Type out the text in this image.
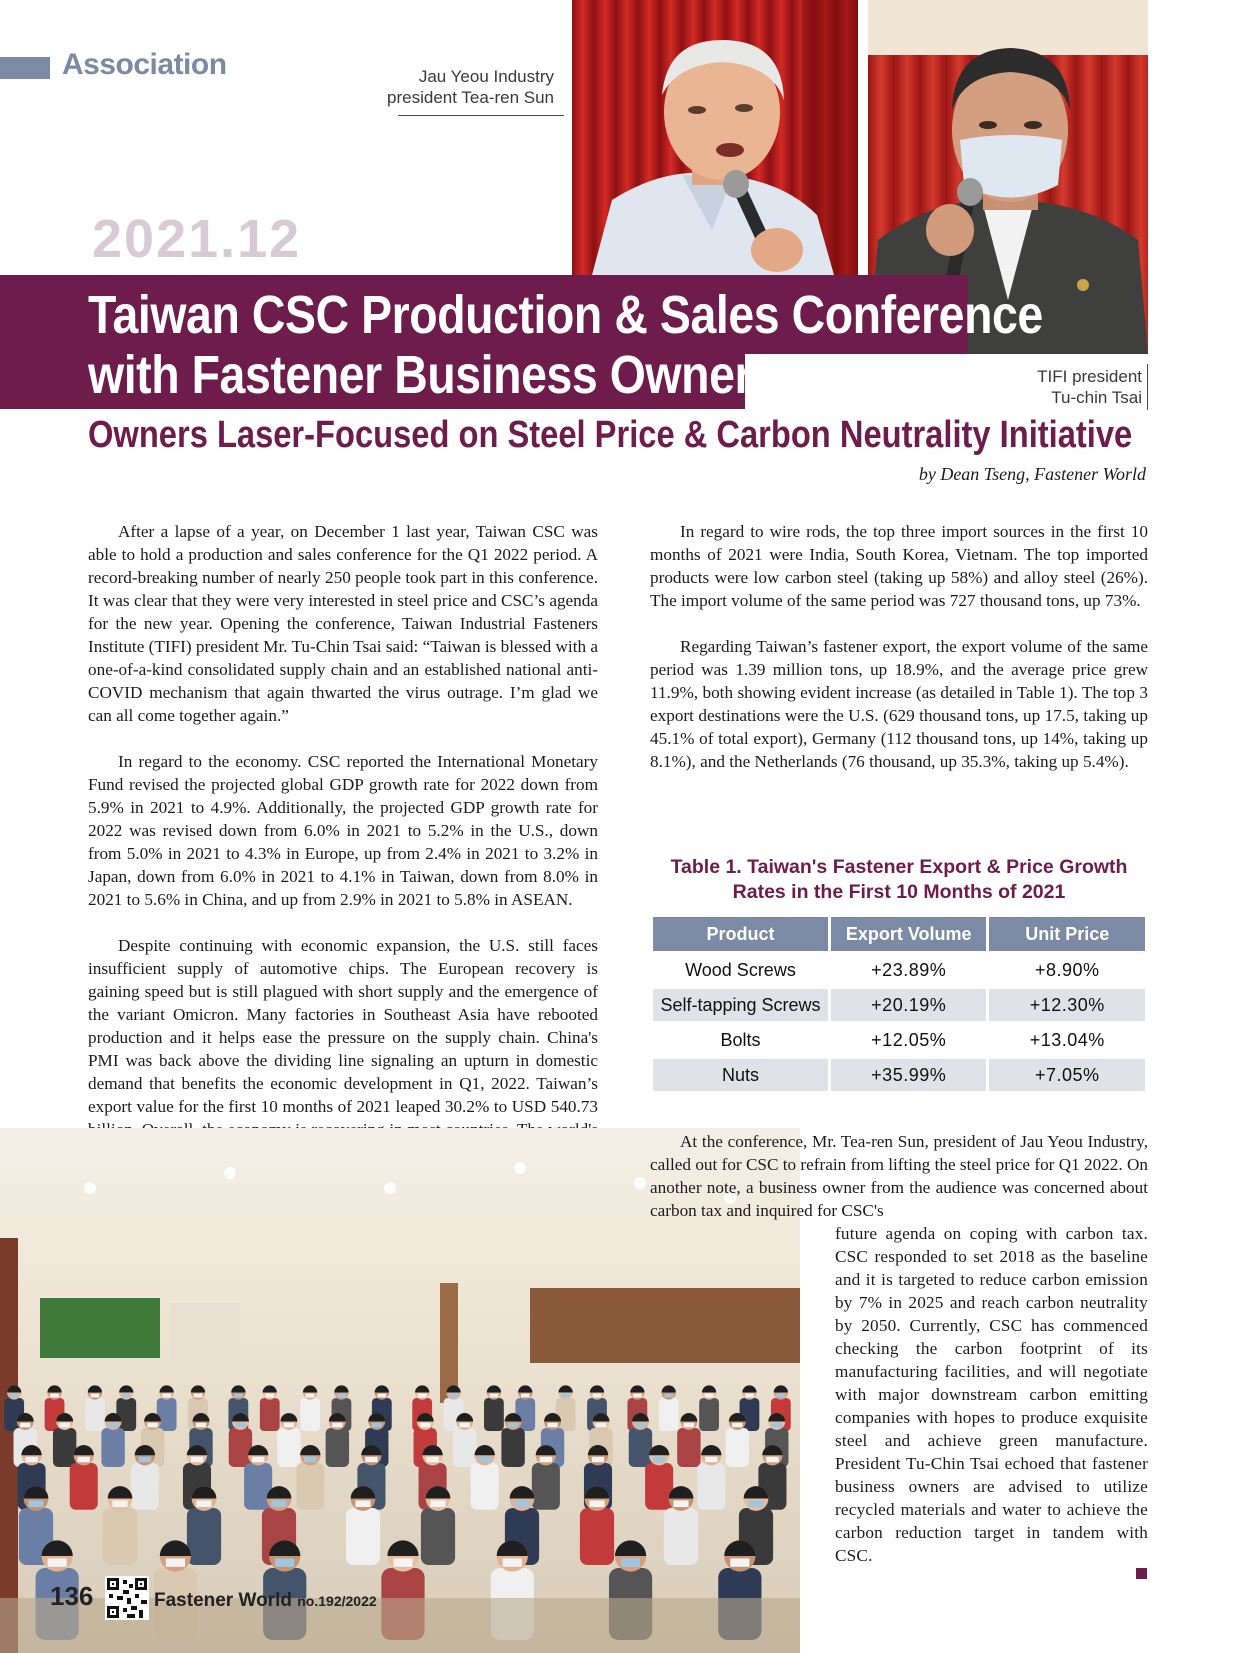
Association	Jau Yeou Industry
president Tea-ren Sun
2021.12
Taiwan CSC Production & Sales Conference
with Fastener Business Owners	TIFI president
Tu-chin Tsai
Owners Laser-Focused on Steel Price & Carbon Neutrality Initiative
by Dean Tseng, Fastener World

After a lapse of a year, on December 1 last year, Taiwan CSC was able to hold a production and sales conference for the Q1 2022 period. A record-breaking number of nearly 250 people took part in this conference. It was clear that they were very interested in steel price and CSC’s agenda for the new year. Opening the conference, Taiwan Industrial Fasteners Institute (TIFI) president Mr. Tu-Chin Tsai said: “Taiwan is blessed with a one-of-a-kind consolidated supply chain and an established national anti-COVID mechanism that again thwarted the virus outrage. I’m glad we can all come together again.”

In regard to the economy. CSC reported the International Monetary Fund revised the projected global GDP growth rate for 2022 down from 5.9% in 2021 to 4.9%. Additionally, the projected GDP growth rate for 2022 was revised down from 6.0% in 2021 to 5.2% in the U.S., down from 5.0% in 2021 to 4.3% in Europe, up from 2.4% in 2021 to 3.2% in Japan, down from 6.0% in 2021 to 4.1% in Taiwan, down from 8.0% in 2021 to 5.6% in China, and up from 2.9% in 2021 to 5.8% in ASEAN.

Despite continuing with economic expansion, the U.S. still faces insufficient supply of automotive chips. The European recovery is gaining speed but is still plagued with short supply and the emergence of the variant Omicron. Many factories in Southeast Asia have rebooted production and it helps ease the pressure on the supply chain. China's PMI was back above the dividing line signaling an upturn in domestic demand that benefits the economic development in Q1, 2022. Taiwan’s export value for the first 10 months of 2021 leaped 30.2% to USD 540.73

In regard to wire rods, the top three import sources in the first 10 months of 2021 were India, South Korea, Vietnam. The top imported products were low carbon steel (taking up 58%) and alloy steel (26%). The import volume of the same period was 727 thousand tons, up 73%.

Regarding Taiwan’s fastener export, the export volume of the same period was 1.39 million tons, up 18.9%, and the average price grew 11.9%, both showing evident increase (as detailed in Table 1). The top 3 export destinations were the U.S. (629 thousand tons, up 17.5, taking up 45.1% of total export), Germany (112 thousand tons, up 14%, taking up 8.1%), and the Netherlands (76 thousand, up 35.3%, taking up 5.4%).

Table 1. Taiwan's Fastener Export & Price Growth
Rates in the First 10 Months of 2021
Product	Export Volume	Unit Price
Wood Screws	+23.89%	+8.90%
Self-tapping Screws	+20.19%	+12.30%
Bolts	+12.05%	+13.04%
Nuts	+35.99%	+7.05%

At the conference, Mr. Tea-ren Sun, president of Jau Yeou Industry, called out for CSC to refrain from lifting the steel price for Q1 2022. On another note, a business owner from the audience was concerned about carbon tax and inquired for CSC's

future agenda on coping with carbon tax. CSC responded to set 2018 as the baseline and it is targeted to reduce carbon emission by 7% in 2025 and reach carbon neutrality by 2050. Currently, CSC has commenced checking the carbon footprint of its manufacturing facilities, and will negotiate with major downstream carbon emitting companies with hopes to produce exquisite steel and achieve green manufacture. President Tu-Chin Tsai echoed that fastener business owners are advised to utilize recycled materials and water to achieve the carbon reduction target in tandem with CSC.

136	Fastener World no.192/2022
